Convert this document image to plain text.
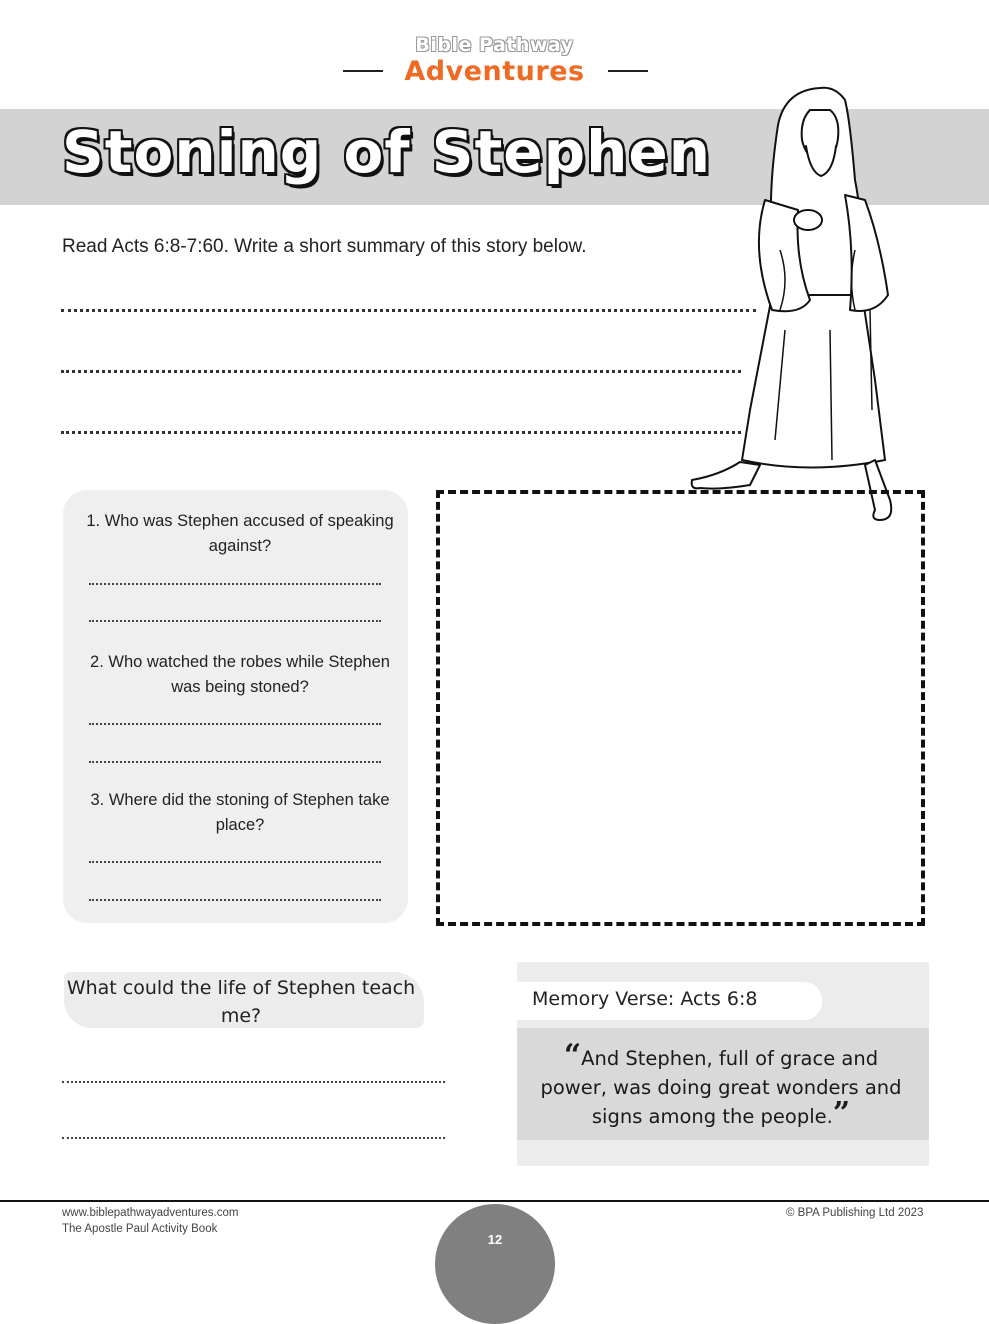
Bible Pathway
Adventures
Stoning of Stephen
Read Acts 6:8-7:60. Write a short summary of this story below.
1. Who was Stephen accused of speaking against?
2. Who watched the robes while Stephen was being stoned?
3. Where did the stoning of Stephen take place?
What could the life of Stephen teach me?
Memory Verse: Acts 6:8
“And Stephen, full of grace and power, was doing great wonders and signs among the people.”
www.biblepathwayadventures.com
The Apostle Paul Activity Book
© BPA Publishing Ltd 2023
12
